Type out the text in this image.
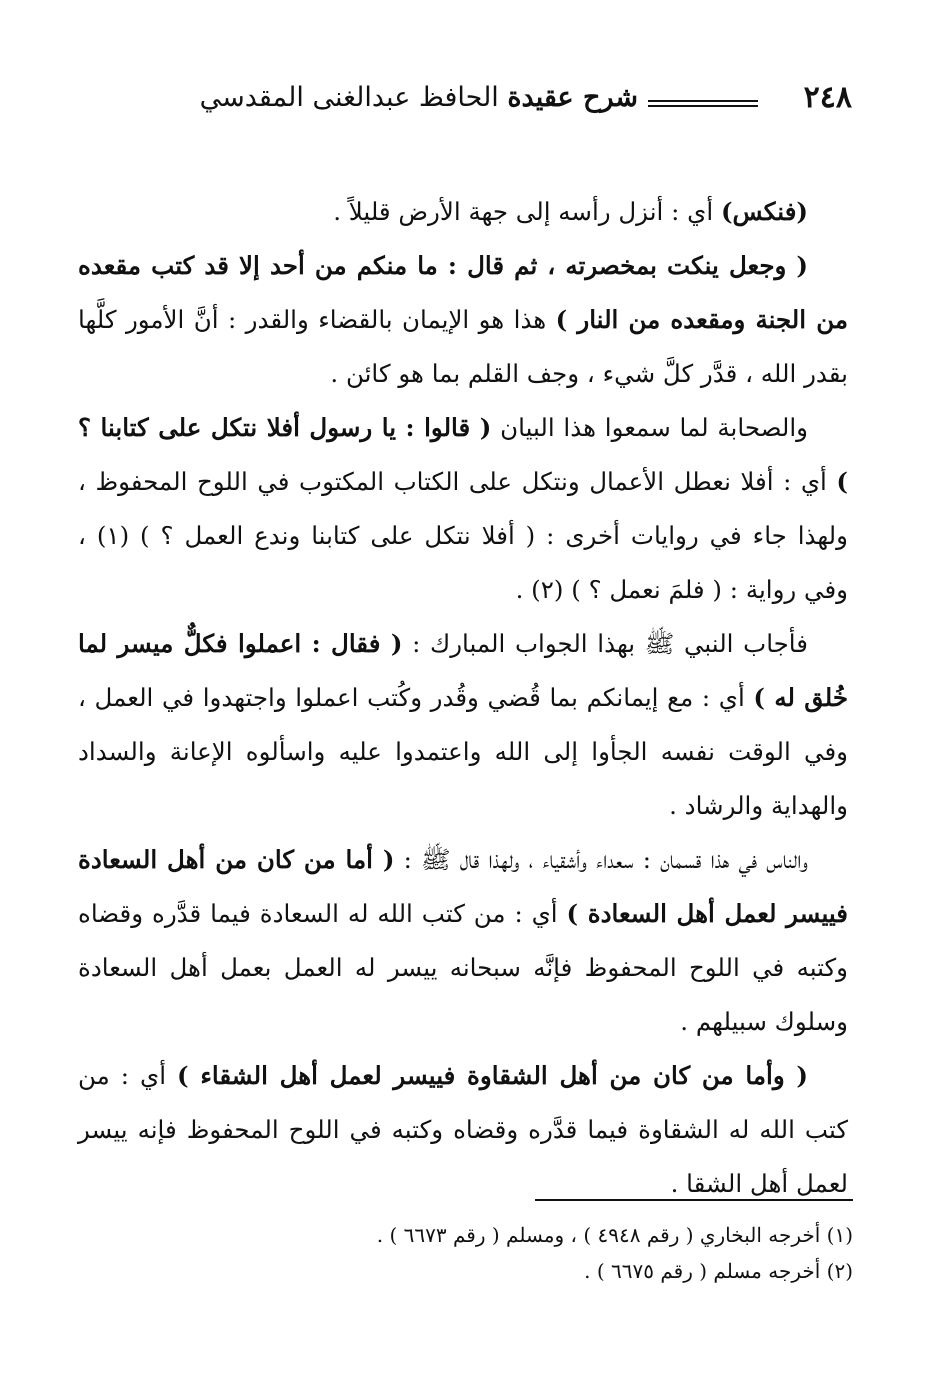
٢٤٨
شرح عقيدة الحافظ عبدالغنى المقدسي

(فنكس) أي : أنزل رأسه إلى جهة الأرض قليلاً .

( وجعل ينكت بمخصرته ، ثم قال : ما منكم من أحد إلا قد كتب مقعده من الجنة ومقعده من النار ) هذا هو الإيمان بالقضاء والقدر : أنَّ الأمور كلَّها بقدر الله ، قدَّر كلَّ شيء ، وجف القلم بما هو كائن .

والصحابة لما سمعوا هذا البيان ( قالوا : يا رسول أفلا نتكل على كتابنا ؟ ) أي : أفلا نعطل الأعمال ونتكل على الكتاب المكتوب في اللوح المحفوظ ، ولهذا جاء في روايات أخرى : ( أفلا نتكل على كتابنا وندع العمل ؟ ) (١) ، وفي رواية : ( فلمَ نعمل ؟ ) (٢) .

فأجاب النبي ﷺ بهذا الجواب المبارك : ( فقال : اعملوا فكلٌّ ميسر لما خُلق له ) أي : مع إيمانكم بما قُضي وقُدر وكُتب اعملوا واجتهدوا في العمل ، وفي الوقت نفسه الجأوا إلى الله واعتمدوا عليه واسألوه الإعانة والسداد والهداية والرشاد .

والناس في هذا قسمان : سعداء وأشقياء ، ولهذا قال ﷺ : ( أما من كان من أهل السعادة فييسر لعمل أهل السعادة ) أي : من كتب الله له السعادة فيما قدَّره وقضاه وكتبه في اللوح المحفوظ فإنَّه سبحانه ييسر له العمل بعمل أهل السعادة وسلوك سبيلهم .

( وأما من كان من أهل الشقاوة فييسر لعمل أهل الشقاء ) أي : من كتب الله له الشقاوة فيما قدَّره وقضاه وكتبه في اللوح المحفوظ فإنه ييسر لعمل أهل الشقا .

(١) أخرجه البخاري ( رقم ٤٩٤٨ ) ، ومسلم ( رقم ٦٦٧٣ ) .

(٢) أخرجه مسلم ( رقم ٦٦٧٥ ) .
